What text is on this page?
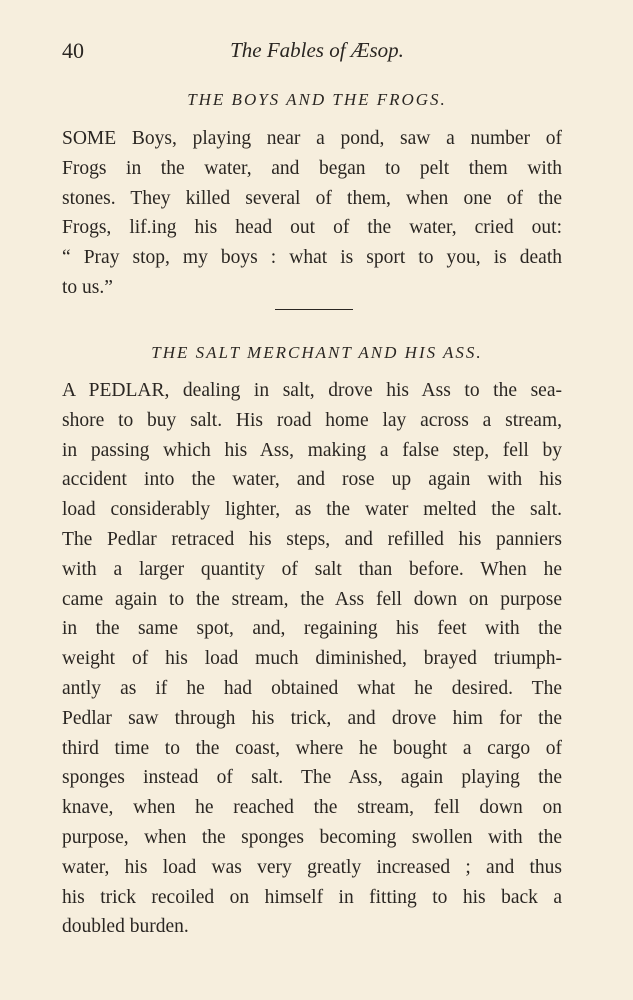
40	The Fables of Æsop.
THE BOYS AND THE FROGS.
SOME Boys, playing near a pond, saw a number of
Frogs in the water, and began to pelt them with
stones. They killed several of them, when one of the
Frogs, lif.ing his head out of the water, cried out:
“ Pray stop, my boys : what is sport to you, is death
to us.”
THE SALT MERCHANT AND HIS ASS.
A PEDLAR, dealing in salt, drove his Ass to the sea-
shore to buy salt. His road home lay across a stream,
in passing which his Ass, making a false step, fell by
accident into the water, and rose up again with his
load considerably lighter, as the water melted the salt.
The Pedlar retraced his steps, and refilled his panniers
with a larger quantity of salt than before. When he
came again to the stream, the Ass fell down on purpose
in the same spot, and, regaining his feet with the
weight of his load much diminished, brayed triumph-
antly as if he had obtained what he desired. The
Pedlar saw through his trick, and drove him for the
third time to the coast, where he bought a cargo of
sponges instead of salt. The Ass, again playing the
knave, when he reached the stream, fell down on
purpose, when the sponges becoming swollen with the
water, his load was very greatly increased ; and thus
his trick recoiled on himself in fitting to his back a
doubled burden.
